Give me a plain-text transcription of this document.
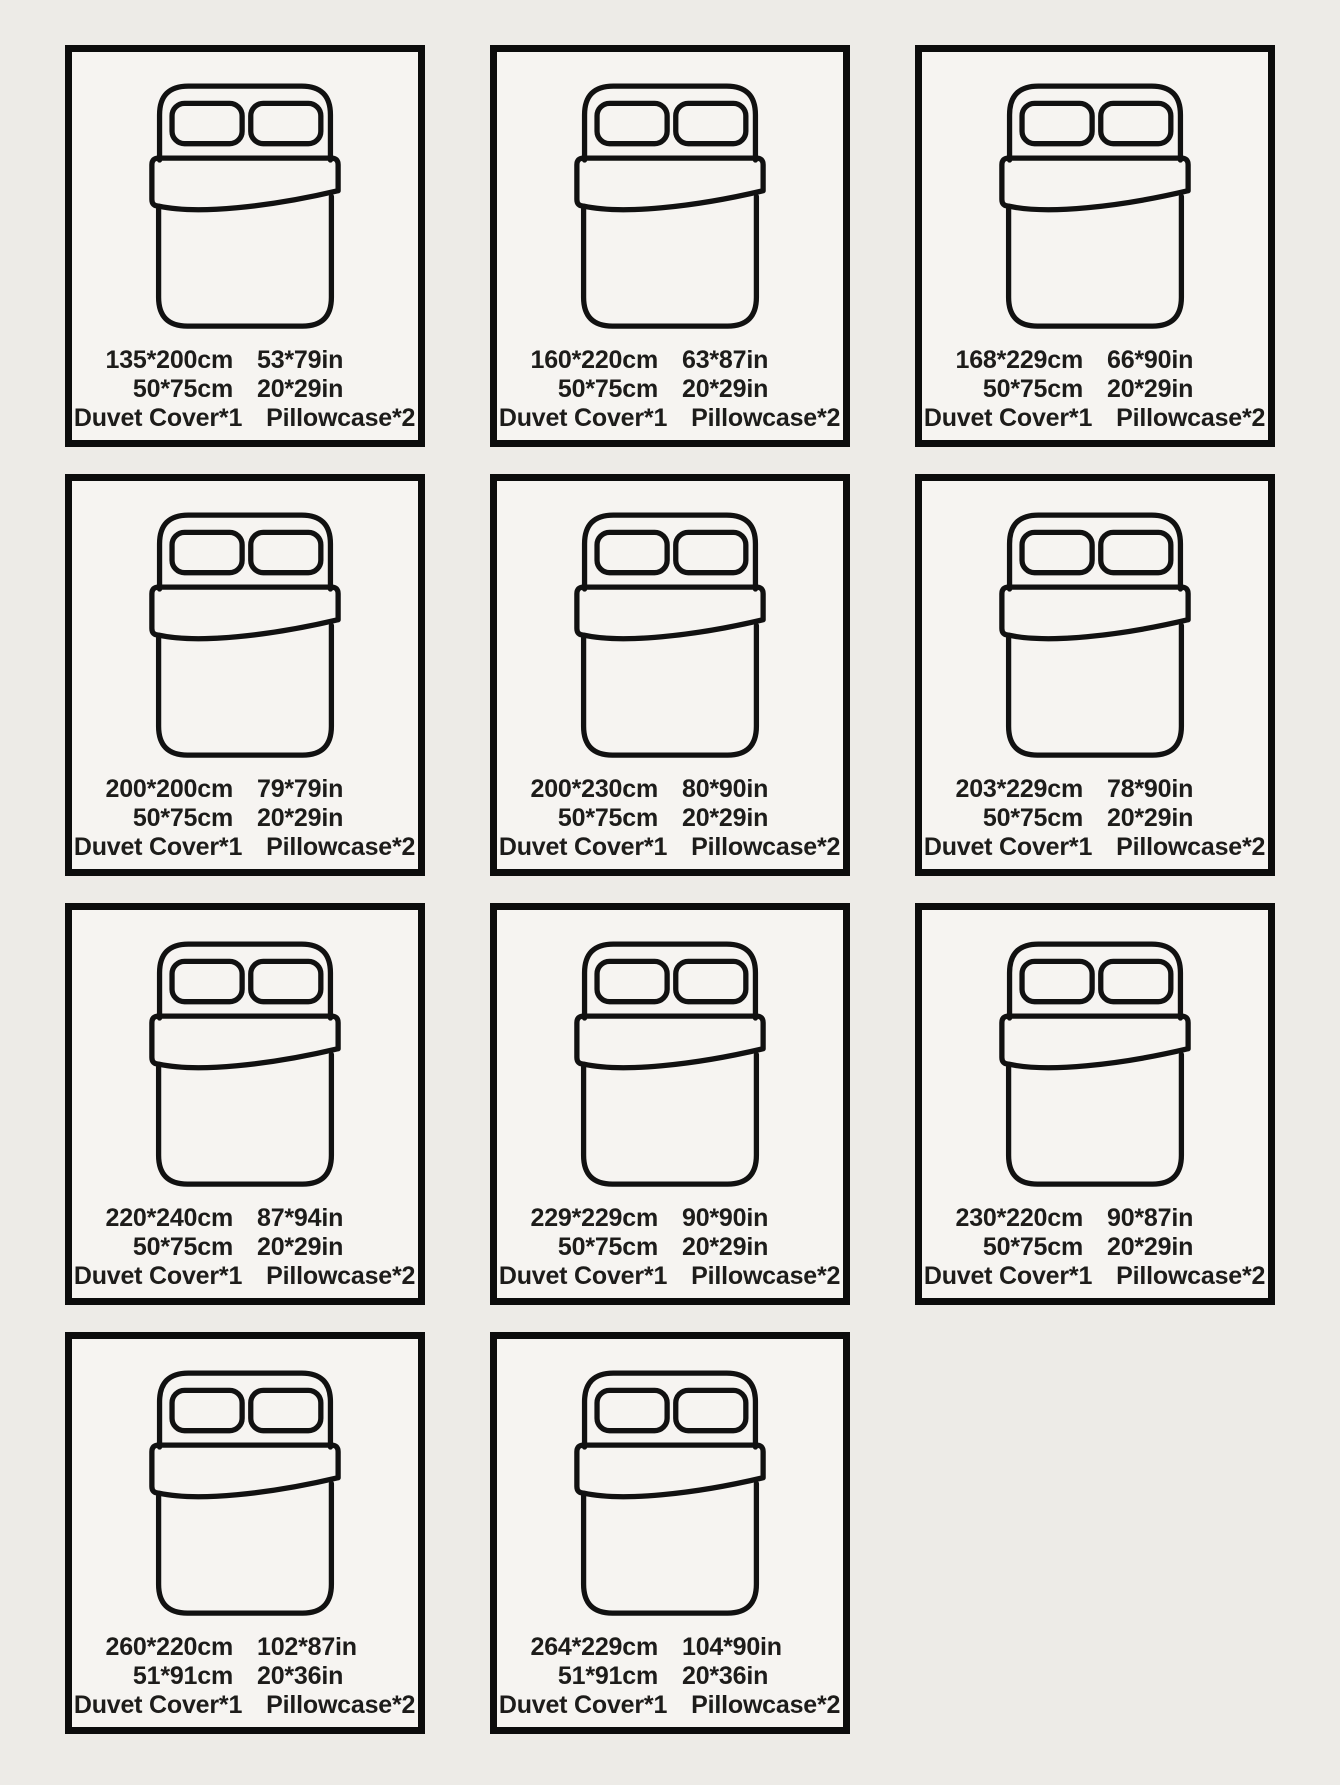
135*200cm 53*79in
50*75cm 20*29in
Duvet Cover*1 Pillowcase*2
160*220cm 63*87in
50*75cm 20*29in
Duvet Cover*1 Pillowcase*2
168*229cm 66*90in
50*75cm 20*29in
Duvet Cover*1 Pillowcase*2
200*200cm 79*79in
50*75cm 20*29in
Duvet Cover*1 Pillowcase*2
200*230cm 80*90in
50*75cm 20*29in
Duvet Cover*1 Pillowcase*2
203*229cm 78*90in
50*75cm 20*29in
Duvet Cover*1 Pillowcase*2
220*240cm 87*94in
50*75cm 20*29in
Duvet Cover*1 Pillowcase*2
229*229cm 90*90in
50*75cm 20*29in
Duvet Cover*1 Pillowcase*2
230*220cm 90*87in
50*75cm 20*29in
Duvet Cover*1 Pillowcase*2
260*220cm 102*87in
51*91cm 20*36in
Duvet Cover*1 Pillowcase*2
264*229cm 104*90in
51*91cm 20*36in
Duvet Cover*1 Pillowcase*2
